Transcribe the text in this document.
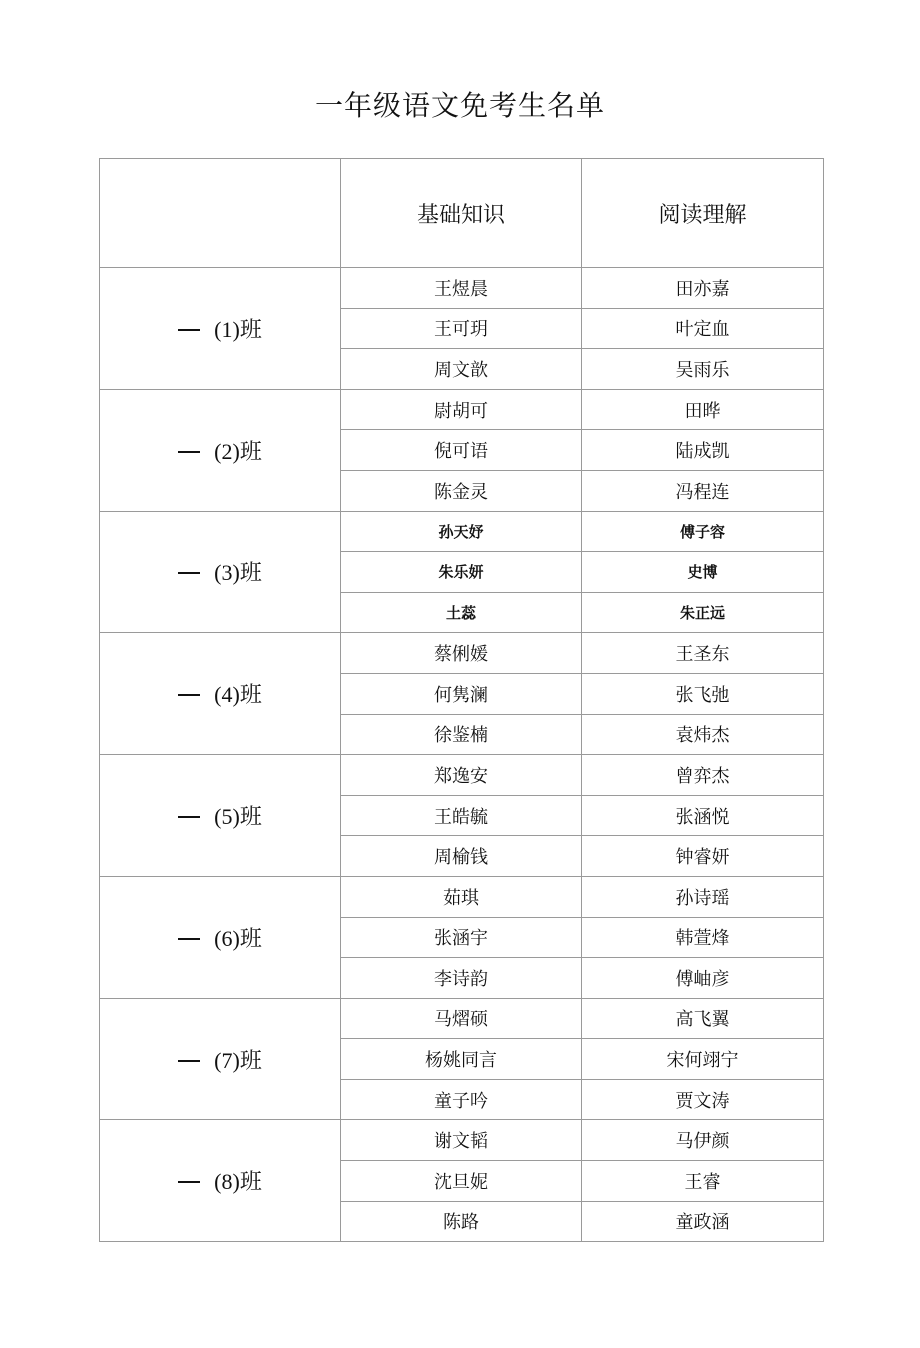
一年级语文免考生名单
	基础知识	阅读理解
(1)班	王煜晨	田亦嘉
	王可玥	叶定血
	周文歆	吴雨乐
(2)班	尉胡可	田晔
	倪可语	陆成凯
	陈金灵	冯程连
(3)班	孙天妤	傅子容
	朱乐妍	史博
	土蕊	朱正远
(4)班	蔡俐媛	王圣东
	何隽澜	张飞弛
	徐鉴楠	袁炜杰
(5)班	郑逸安	曾弈杰
	王皓毓	张涵悦
	周榆钱	钟睿妍
(6)班	茹琪	孙诗瑶
	张涵宇	韩萱烽
	李诗韵	傅岫彦
(7)班	马熠硕	高飞翼
	杨姚同言	宋何翊宁
	童子吟	贾文涛
(8)班	谢文韬	马伊颜
	沈旦妮	王睿
	陈路	童政涵
